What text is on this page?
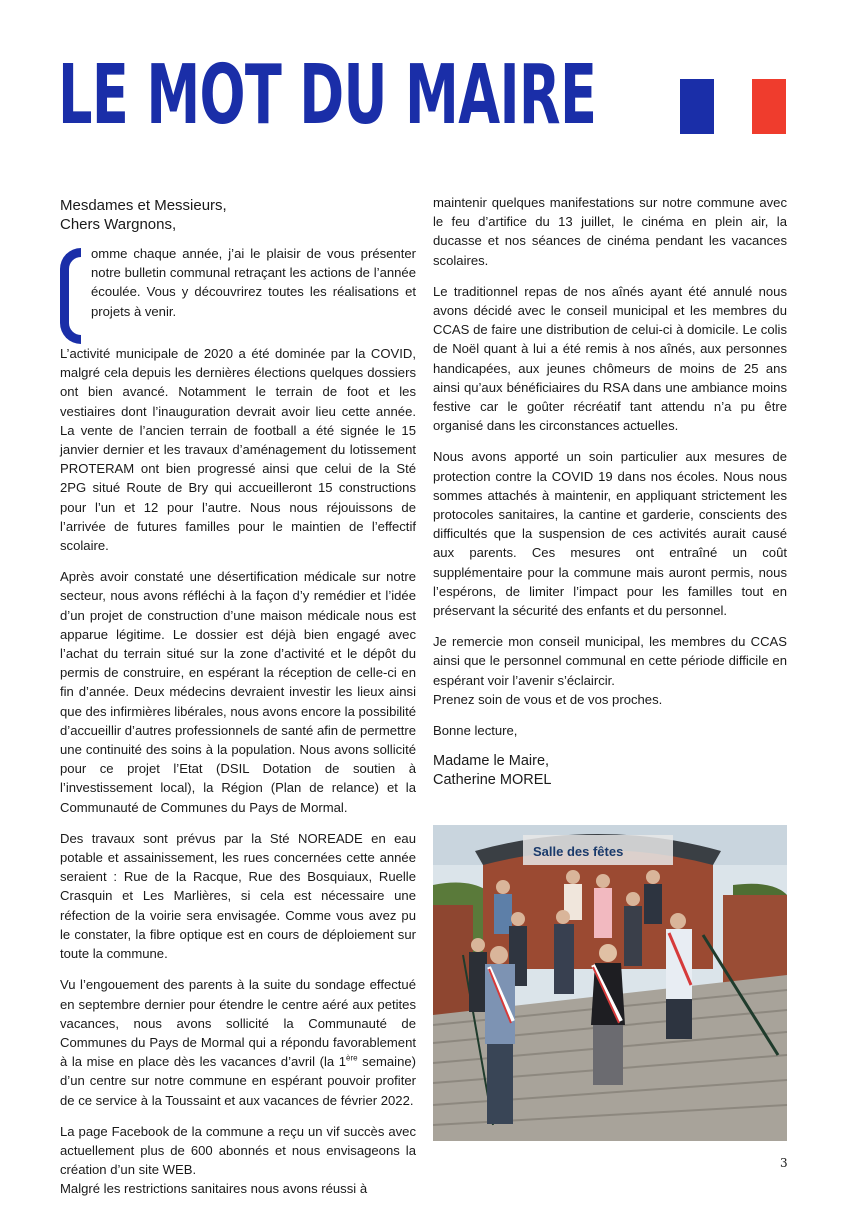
LE MOT DU MAIRE

Mesdames et Messieurs,
Chers Wargnons,

omme chaque année, j’ai le plaisir de vous présenter notre bulletin communal retraçant les actions de l’année écoulée. Vous y découvrirez toutes les réalisations et projets à venir.

L’activité municipale de 2020 a été dominée par la COVID, malgré cela depuis les dernières élections quelques dossiers ont bien avancé. Notamment le terrain de foot et les vestiaires dont l’inauguration devrait avoir lieu cette année. La vente de l’ancien terrain de football a été signée le 15 janvier dernier et les travaux d’aménagement du lotissement PROTERAM ont bien progressé ainsi que celui de la Sté 2PG situé Route de Bry qui accueilleront 15 constructions pour l’un et 12 pour l’autre. Nous nous réjouissons de l’arrivée de futures familles pour le maintien de l’effectif scolaire.

Après avoir constaté une désertification médicale sur notre secteur, nous avons réfléchi à la façon d’y remédier et l’idée d’un projet de construction d’une maison médicale nous est apparue légitime. Le dossier est déjà bien engagé avec l’achat du terrain situé sur la zone d’activité et le dépôt du permis de construire, en espérant la réception de celle-ci en fin d’année. Deux médecins devraient investir les lieux ainsi que des infirmières libérales, nous avons encore la possibilité d’accueillir d’autres professionnels de santé afin de permettre une continuité des soins à la population. Nous avons sollicité pour ce projet l’Etat (DSIL Dotation de soutien à l’investissement local), la Région (Plan de relance) et la Communauté de Communes du Pays de Mormal.

Des travaux sont prévus par la Sté NOREADE en eau potable et assainissement, les rues concernées cette année seraient : Rue de la Racque, Rue des Bosquiaux, Ruelle Crasquin et Les Marlières, si cela est nécessaire une réfection de la voirie sera envisagée. Comme vous avez pu le constater, la fibre optique est en cours de déploiement sur toute la commune.

Vu l’engouement des parents à la suite du sondage effectué en septembre dernier pour étendre le centre aéré aux petites vacances, nous avons sollicité la Communauté de Communes du Pays de Mormal qui a répondu favorablement à la mise en place dès les vacances d’avril (la 1ère semaine) d’un centre sur notre commune en espérant pouvoir profiter de ce service à la Toussaint et aux vacances de février 2022.

La page Facebook de la commune a reçu un vif succès avec actuellement plus de 600 abonnés et nous envisageons la création d’un site WEB.

Malgré les restrictions sanitaires nous avons réussi à

maintenir quelques manifestations sur notre commune avec le feu d’artifice du 13 juillet, le cinéma en plein air, la ducasse et nos séances de cinéma pendant les vacances scolaires.

Le traditionnel repas de nos aînés ayant été annulé nous avons décidé avec le conseil municipal et les membres du CCAS de faire une distribution de celui-ci à domicile. Le colis de Noël quant à lui a été remis à nos aînés, aux personnes handicapées, aux jeunes chômeurs de moins de 25 ans ainsi qu’aux bénéficiaires du RSA dans une ambiance moins festive car le goûter récréatif tant attendu n’a pu être organisé dans les circonstances actuelles.

Nous avons apporté un soin particulier aux mesures de protection contre la COVID 19 dans nos écoles. Nous nous sommes attachés à maintenir, en appliquant strictement les protocoles sanitaires, la cantine et garderie, conscients des difficultés que la suspension de ces activités aurait causé aux parents. Ces mesures ont entraîné un coût supplémentaire pour la commune mais auront permis, nous l’espérons, de limiter l’impact pour les familles tout en préservant la sécurité des enfants et du personnel.

Je remercie mon conseil municipal, les membres du CCAS ainsi que le personnel communal en cette période difficile en espérant voir l’avenir s’éclaircir.
Prenez soin de vous et de vos proches.

Bonne lecture,

Madame le Maire,
Catherine MOREL

Salle des fêtes
3
